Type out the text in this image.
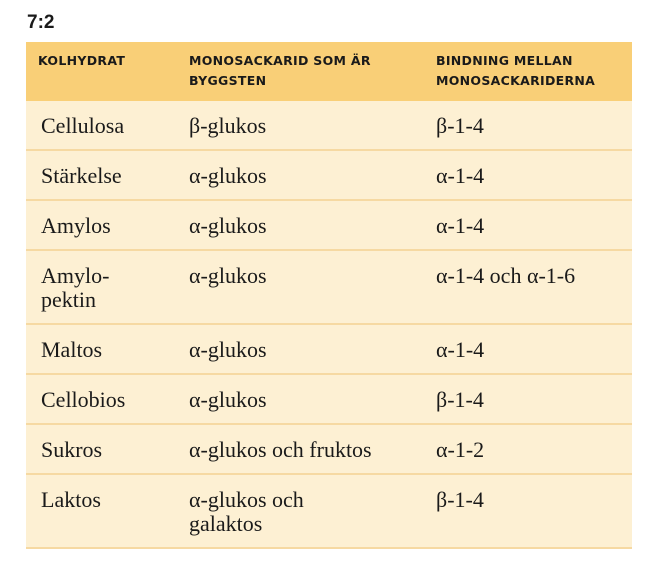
7:2
KOLHYDRAT	MONOSACKARID SOM ÄR BYGGSTEN	BINDNING MELLAN MONOSACKARIDERNA
Cellulosa	β-glukos	β-1-4
Stärkelse	α-glukos	α-1-4
Amylos	α-glukos	α-1-4
Amylo-pektin	α-glukos	α-1-4 och α-1-6
Maltos	α-glukos	α-1-4
Cellobios	α-glukos	β-1-4
Sukros	α-glukos och fruktos	α-1-2
Laktos	α-glukos och galaktos	β-1-4
